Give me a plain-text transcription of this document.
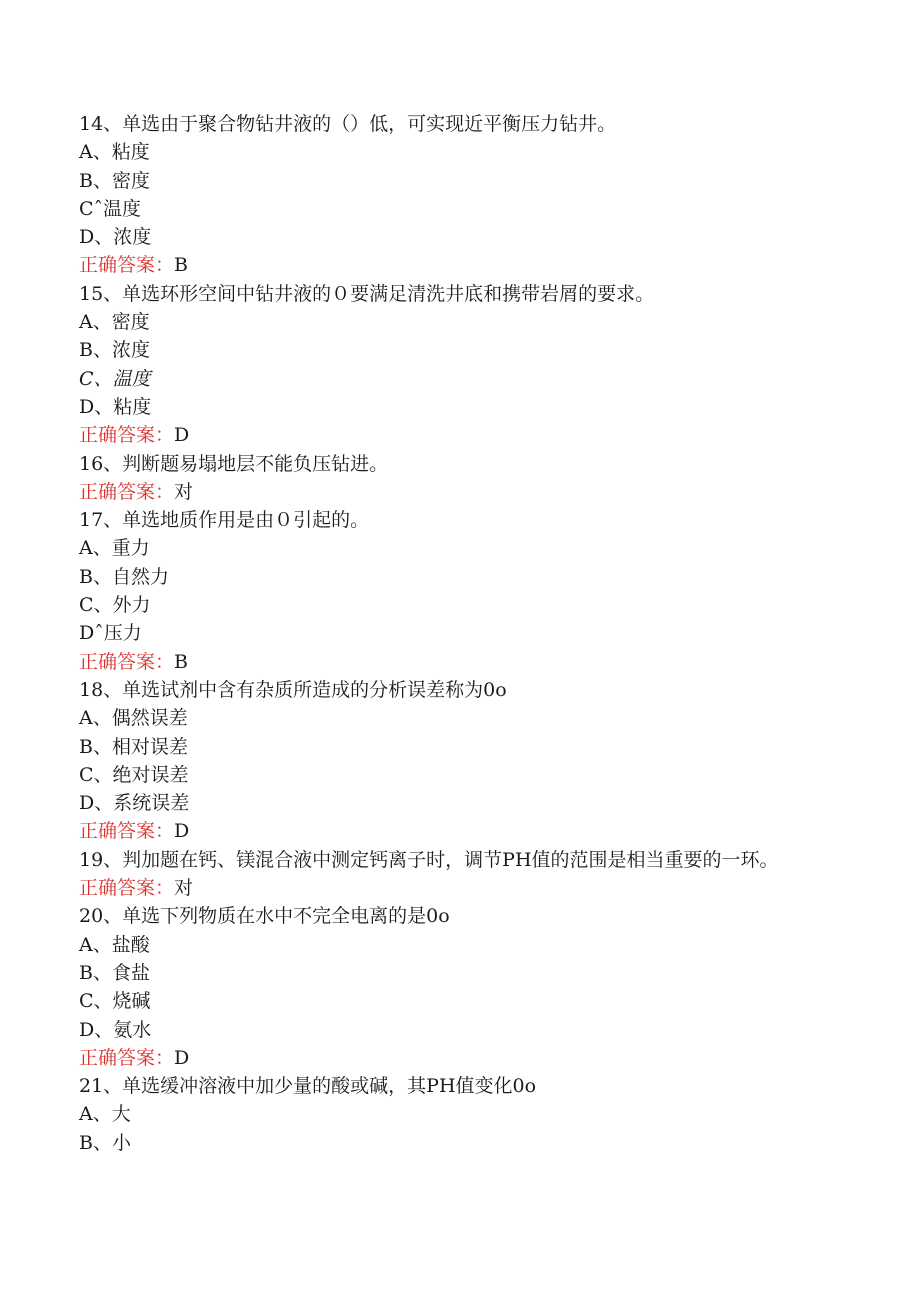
14、单选由于聚合物钻井液的（）低，可实现近平衡压力钻井。
A、粘度
B、密度
Cˆ温度
D、浓度
正确答案：B
15、单选环形空间中钻井液的０要满足清洗井底和携带岩屑的要求。
A、密度
B、浓度
C、温度
D、粘度
正确答案：D
16、判断题易塌地层不能负压钻进。
正确答案：对
17、单选地质作用是由０引起的。
A、重力
B、自然力
C、外力
Dˆ压力
正确答案：B
18、单选试剂中含有杂质所造成的分析误差称为0o
A、偶然误差
B、相对误差
C、绝对误差
D、系统误差
正确答案：D
19、判加题在钙、镁混合液中测定钙离子时，调节PH值的范围是相当重要的一环。
正确答案：对
20、单选下列物质在水中不完全电离的是0o
A、盐酸
B、食盐
C、烧碱
D、氨水
正确答案：D
21、单选缓冲溶液中加少量的酸或碱，其PH值变化0o
A、大
B、小
